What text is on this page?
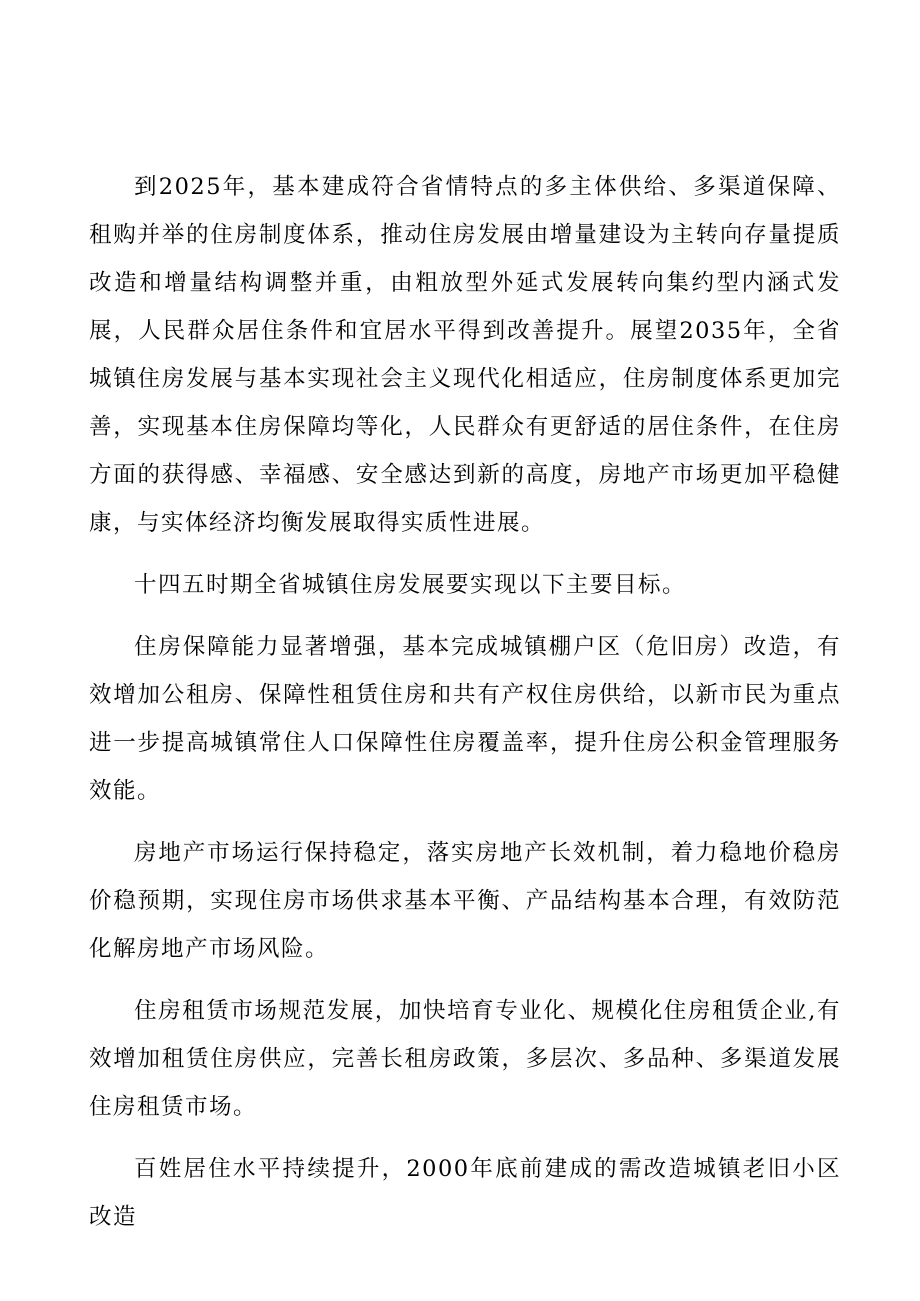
到2025年，基本建成符合省情特点的多主体供给、多渠道保障、租购并举的住房制度体系，推动住房发展由增量建设为主转向存量提质改造和增量结构调整并重，由粗放型外延式发展转向集约型内涵式发展，人民群众居住条件和宜居水平得到改善提升。展望2035年，全省城镇住房发展与基本实现社会主义现代化相适应，住房制度体系更加完善，实现基本住房保障均等化，人民群众有更舒适的居住条件，在住房方面的获得感、幸福感、安全感达到新的高度，房地产市场更加平稳健康，与实体经济均衡发展取得实质性进展。

十四五时期全省城镇住房发展要实现以下主要目标。

住房保障能力显著增强，基本完成城镇棚户区（危旧房）改造，有效增加公租房、保障性租赁住房和共有产权住房供给，以新市民为重点进一步提高城镇常住人口保障性住房覆盖率，提升住房公积金管理服务效能。

房地产市场运行保持稳定，落实房地产长效机制，着力稳地价稳房价稳预期，实现住房市场供求基本平衡、产品结构基本合理，有效防范化解房地产市场风险。

住房租赁市场规范发展，加快培育专业化、规模化住房租赁企业,有效增加租赁住房供应，完善长租房政策，多层次、多品种、多渠道发展住房租赁市场。

百姓居住水平持续提升，2000年底前建成的需改造城镇老旧小区改造
